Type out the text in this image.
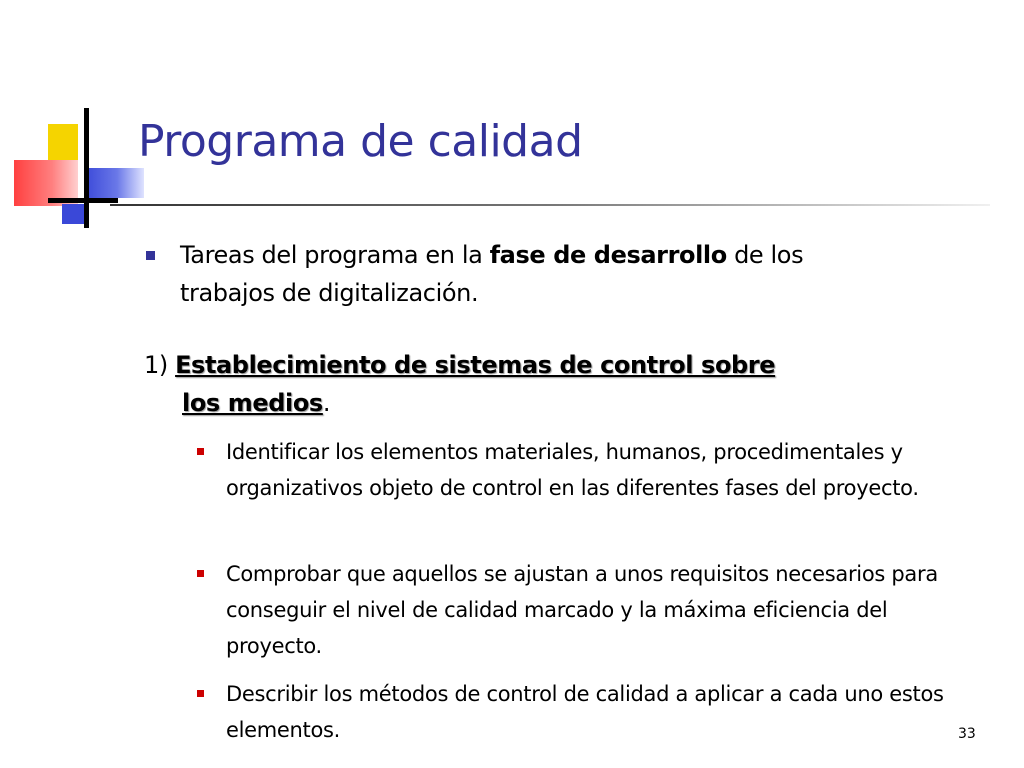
Programa de calidad
Tareas del programa en la fase de desarrollo de los
trabajos de digitalización.
1) Establecimiento de sistemas de control sobre
los medios.
Identificar los elementos materiales, humanos, procedimentales y organizativos objeto de control en las diferentes fases del proyecto.
Comprobar que aquellos se ajustan a unos requisitos necesarios para conseguir el nivel de calidad marcado y la máxima eficiencia del proyecto.
Describir los métodos de control de calidad a aplicar a cada uno estos elementos.	33
